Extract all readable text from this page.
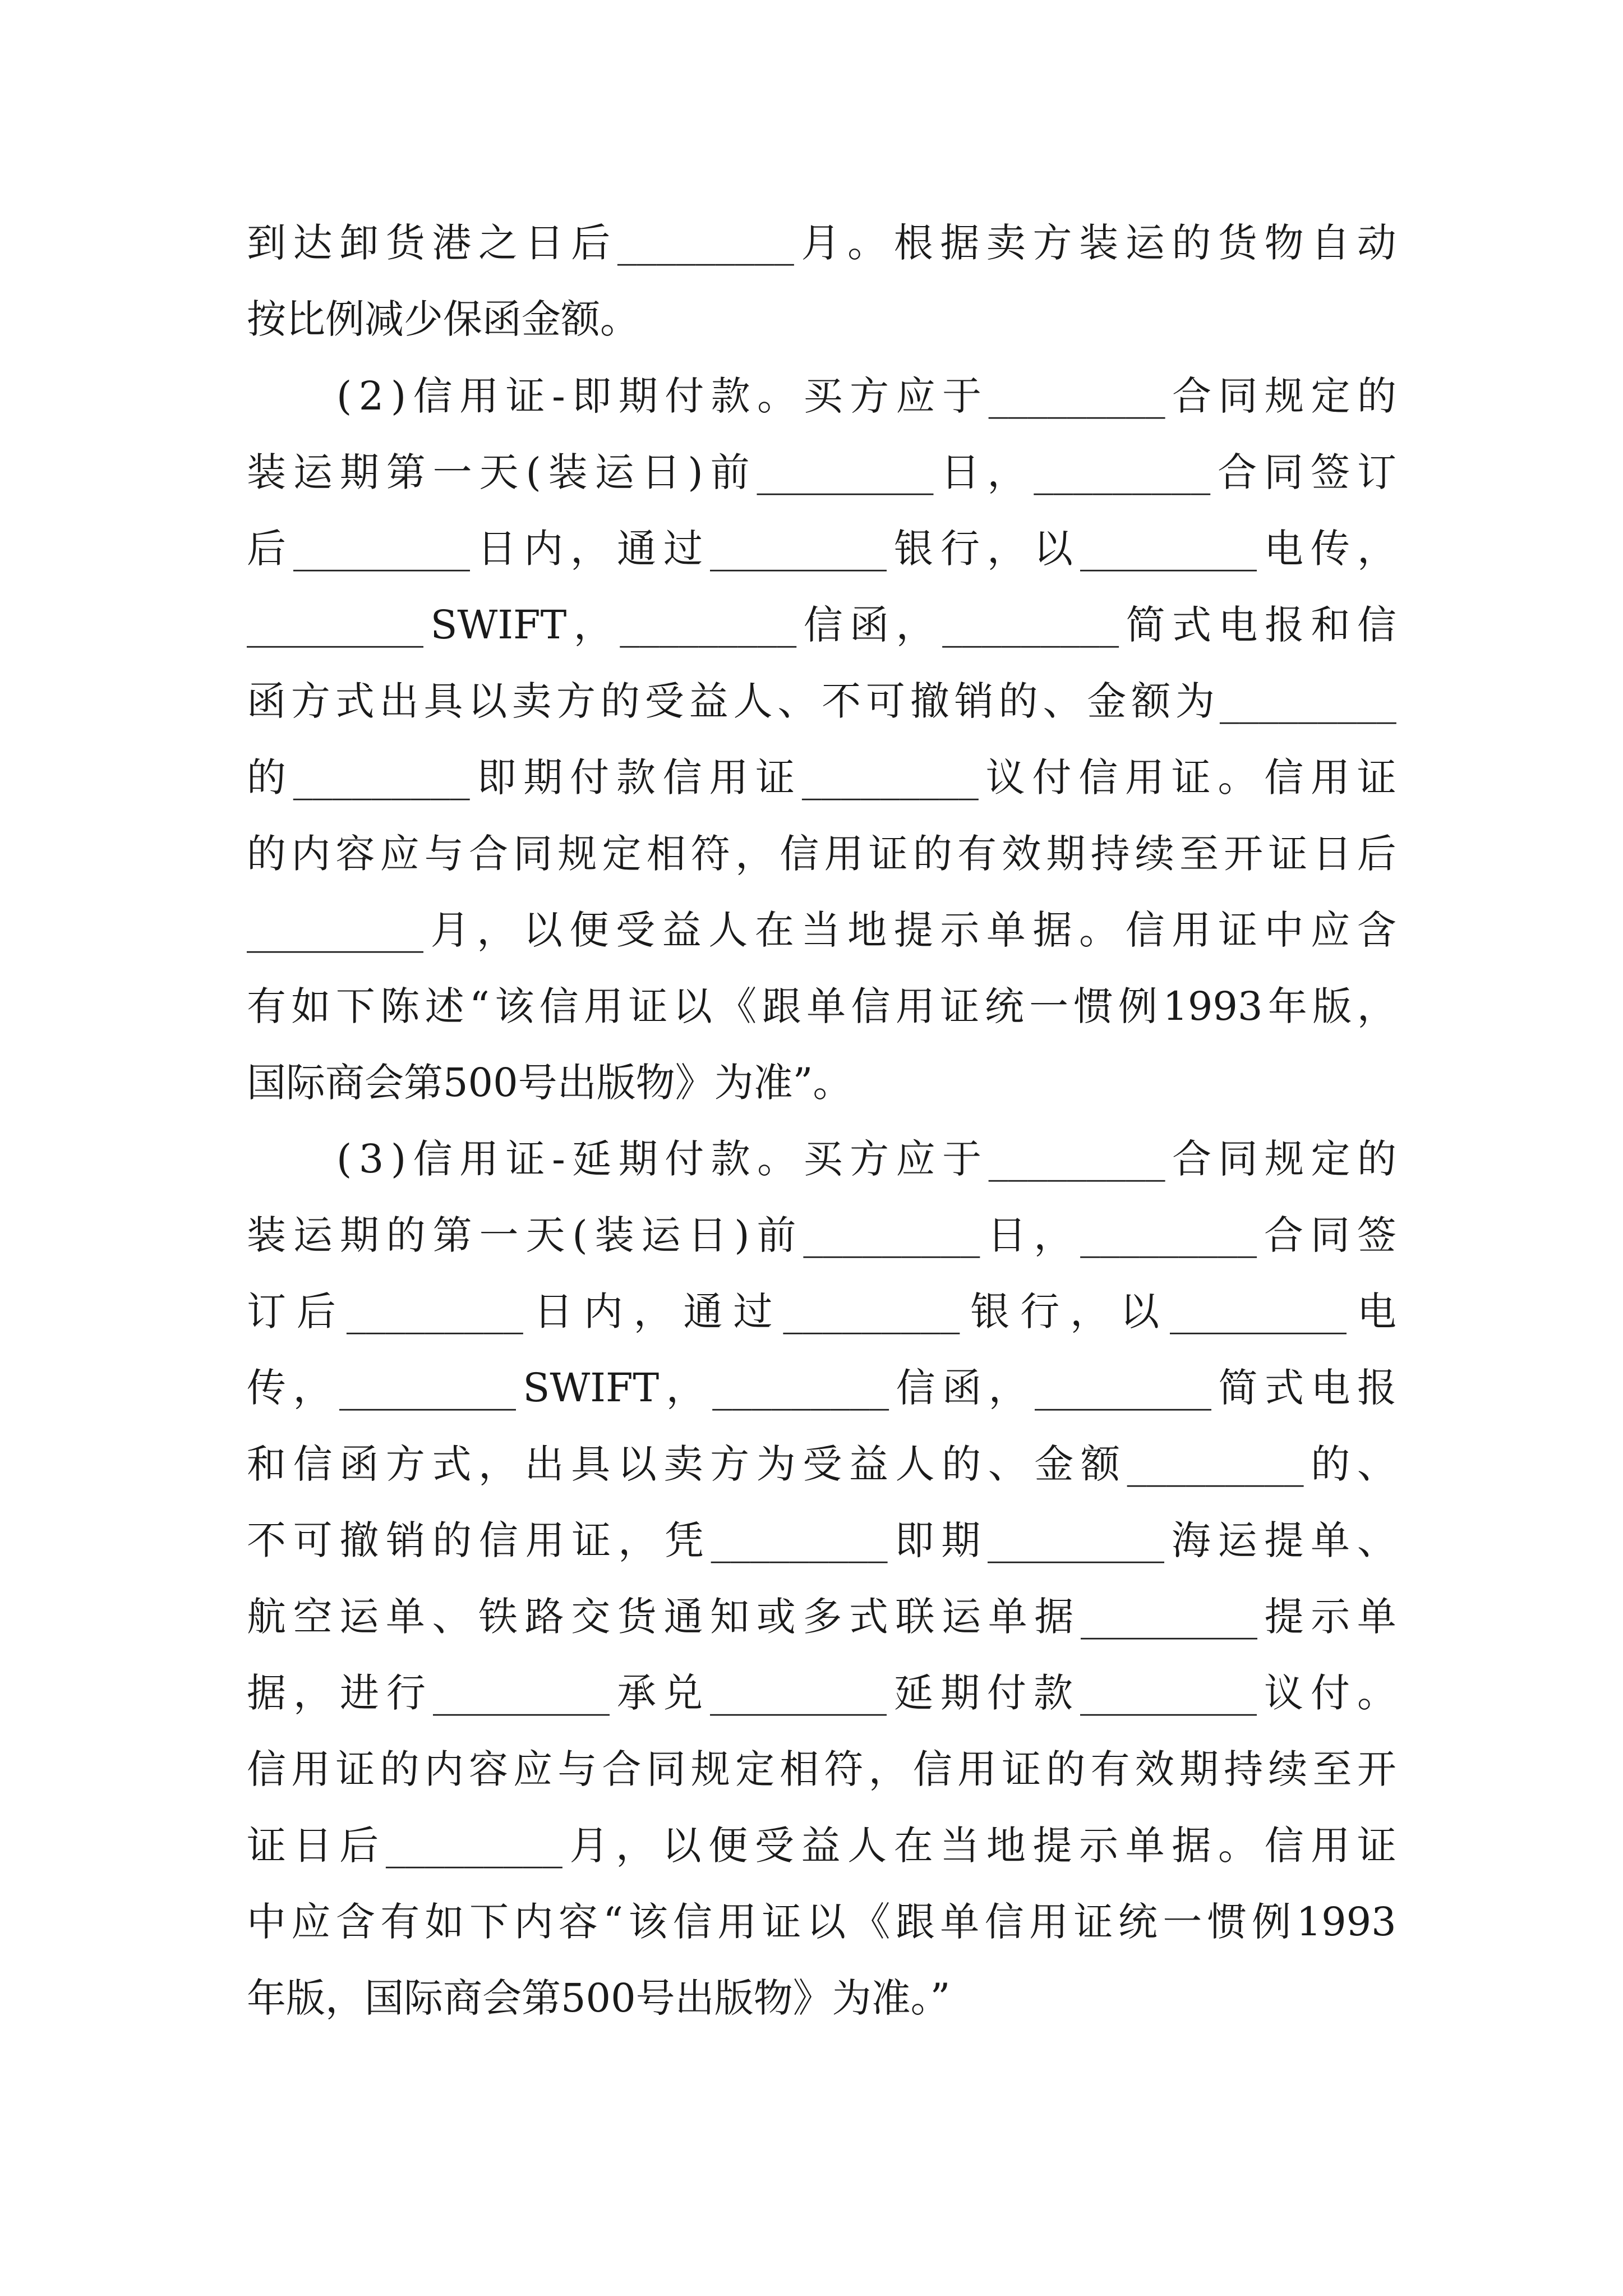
到 达 卸 货 港 之 日 后 _________ 月 。 根 据 卖 方 装 运 的 货 物 自 动
按比例减少保函金额。
( 2 ) 信 用 证 - 即 期 付 款 。 买 方 应 于 _________ 合 同 规 定 的
装 运 期 第 一 天 ( 装 运 日 ) 前 _________ 日 ， _________ 合 同 签 订
后 _________ 日 内 ， 通 过 _________ 银 行 ， 以 _________ 电 传 ，
_________ SWIFT ， _________ 信 函 ， _________ 简 式 电 报 和 信
函 方 式 出 具 以 卖 方 的 受 益 人 、 不 可 撤 销 的 、 金 额 为 _________
的 _________ 即 期 付 款 信 用 证 _________ 议 付 信 用 证 。 信 用 证
的 内 容 应 与 合 同 规 定 相 符 ， 信 用 证 的 有 效 期 持 续 至 开 证 日 后
_________ 月 ， 以 便 受 益 人 在 当 地 提 示 单 据 。 信 用 证 中 应 含
有 如 下 陈 述 “ 该 信 用 证 以 《 跟 单 信 用 证 统 一 惯 例 1993 年 版 ，
国际商会第500号出版物》为准”。
( 3 ) 信 用 证 - 延 期 付 款 。 买 方 应 于 _________ 合 同 规 定 的
装 运 期 的 第 一 天 ( 装 运 日 ) 前 _________ 日 ， _________ 合 同 签
订 后 _________ 日 内 ， 通 过 _________ 银 行 ， 以 _________ 电
传 ， _________ SWIFT ， _________ 信 函 ， _________ 简 式 电 报
和 信 函 方 式 ， 出 具 以 卖 方 为 受 益 人 的 、 金 额 _________ 的 、
不 可 撤 销 的 信 用 证 ， 凭 _________ 即 期 _________ 海 运 提 单 、
航 空 运 单 、 铁 路 交 货 通 知 或 多 式 联 运 单 据 _________ 提 示 单
据 ， 进 行 _________ 承 兑 _________ 延 期 付 款 _________ 议 付 。
信 用 证 的 内 容 应 与 合 同 规 定 相 符 ， 信 用 证 的 有 效 期 持 续 至 开
证 日 后 _________ 月 ， 以 便 受 益 人 在 当 地 提 示 单 据 。 信 用 证
中 应 含 有 如 下 内 容 “ 该 信 用 证 以 《 跟 单 信 用 证 统 一 惯 例 1993
年版，国际商会第500号出版物》为准。”
